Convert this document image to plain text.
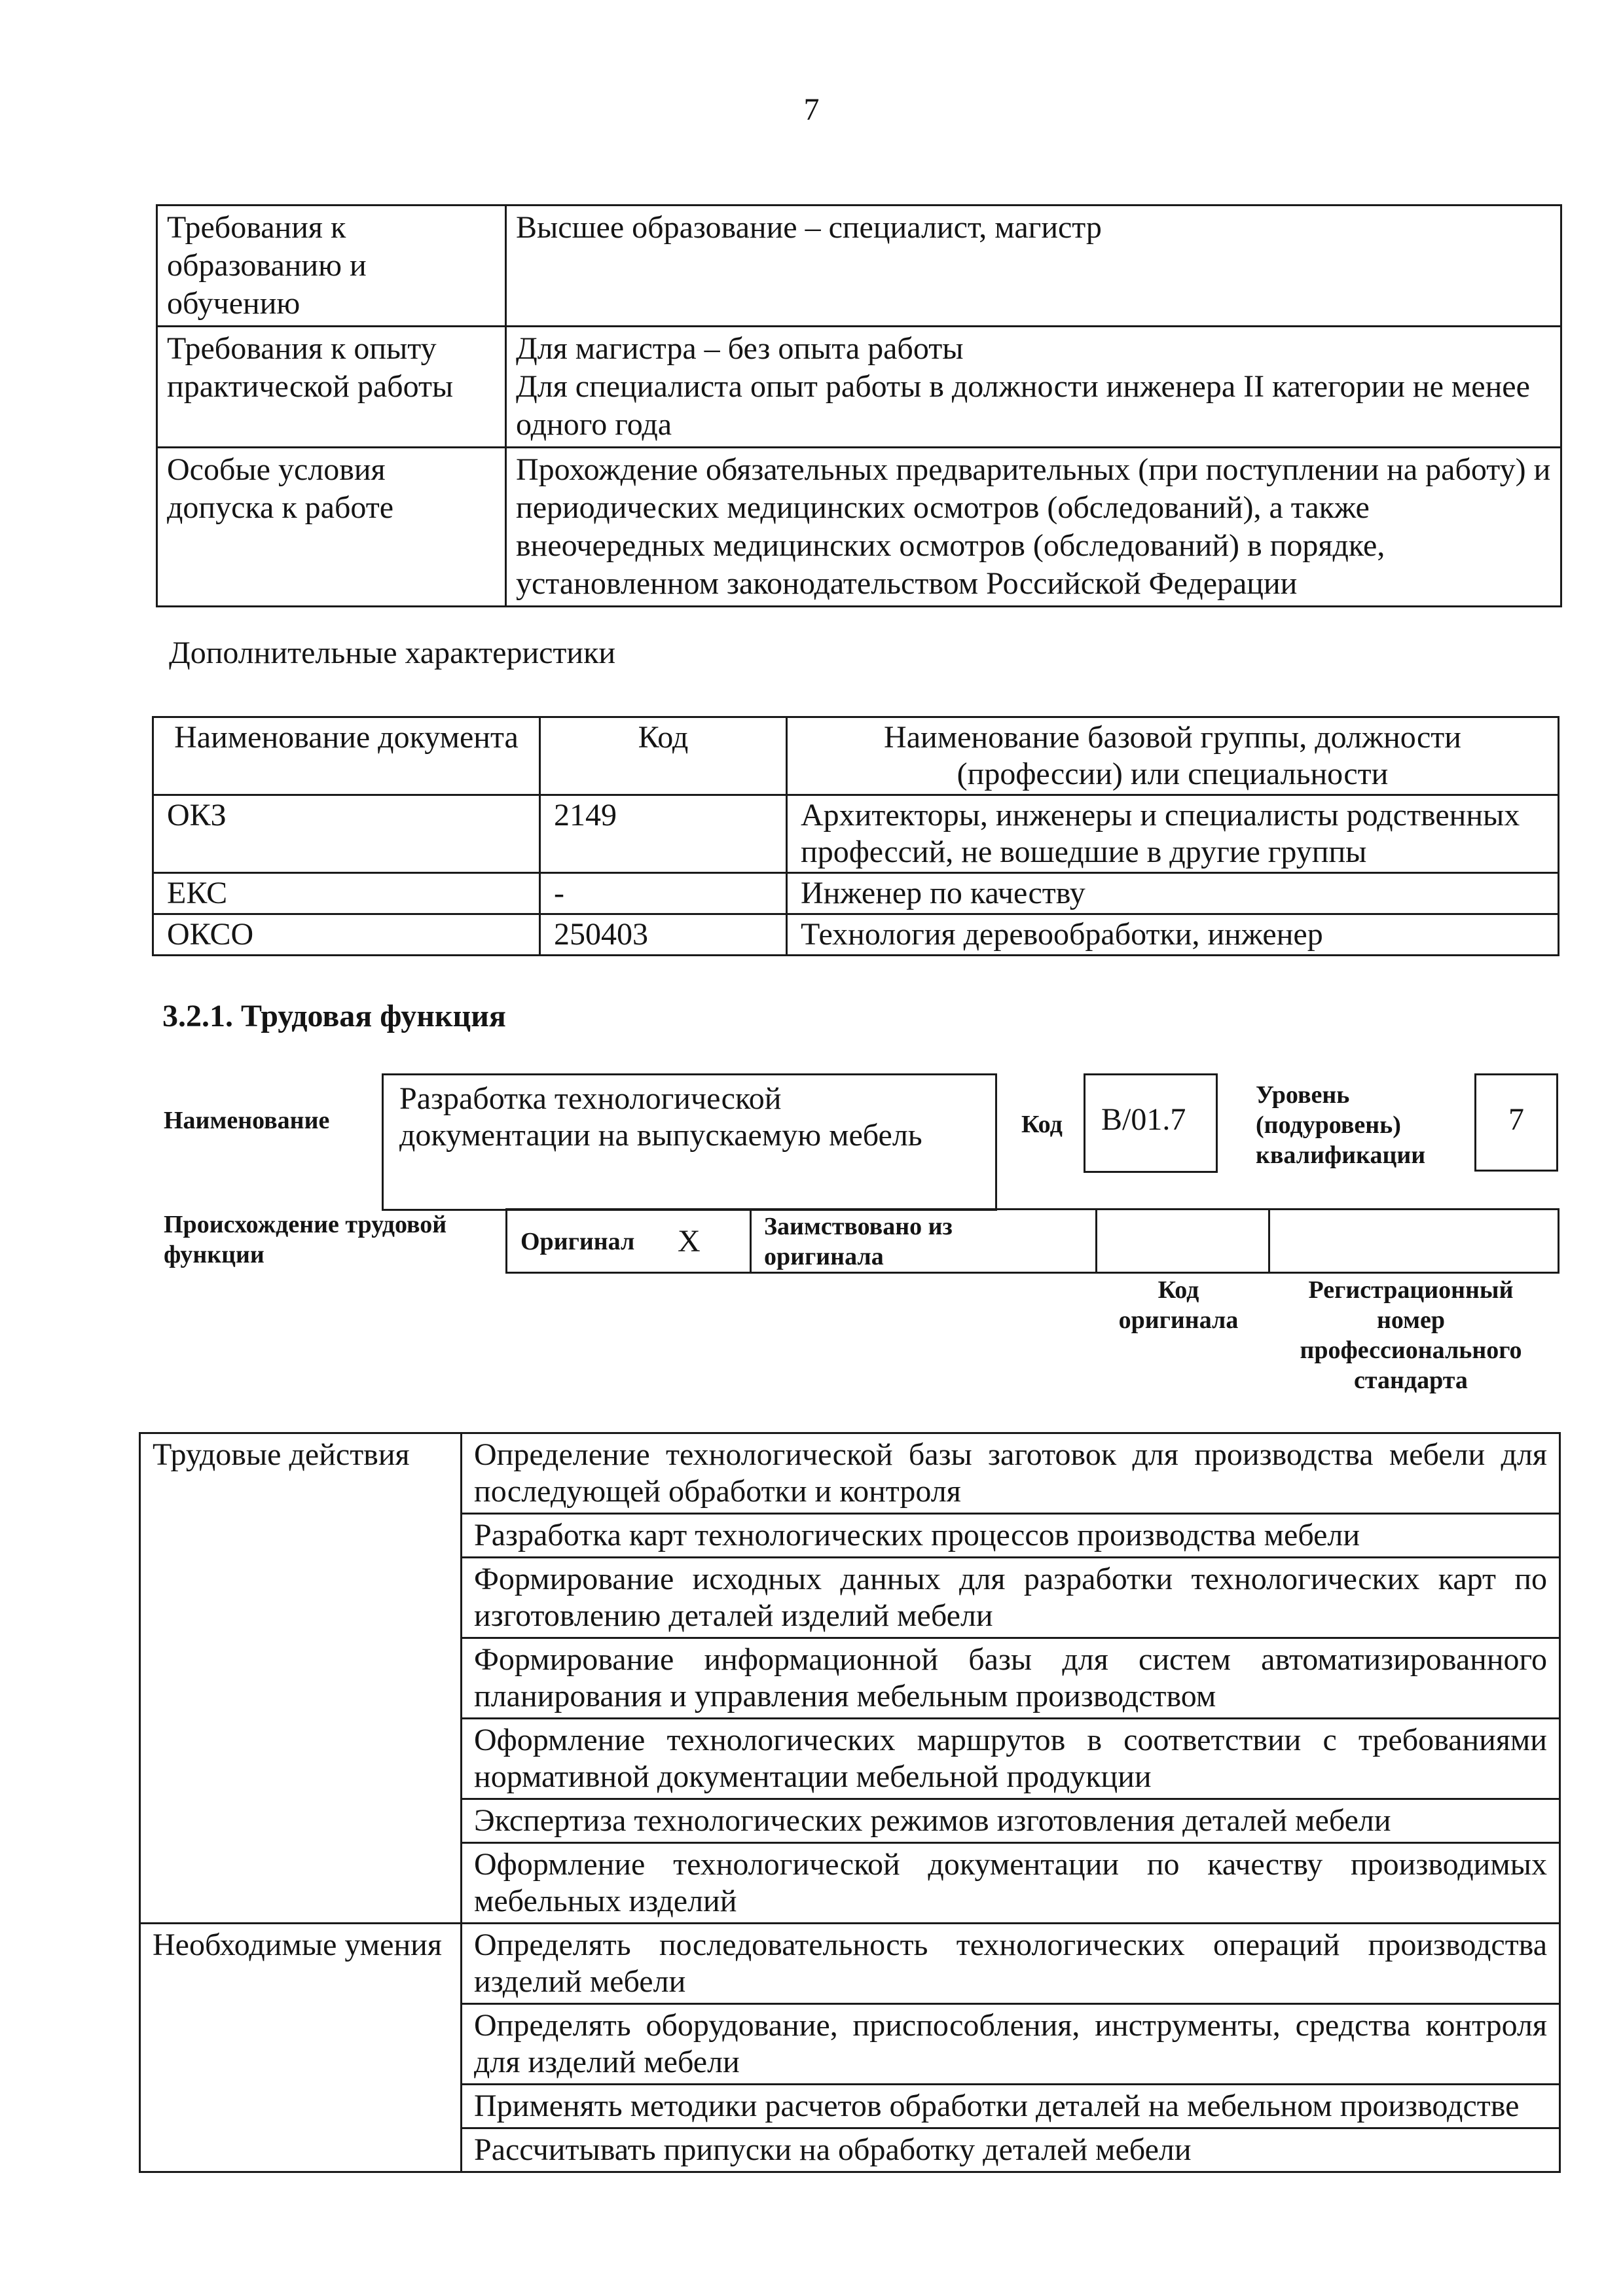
7
Требования к образованию и обучению	Высшее образование – специалист, магистр

Требования к опыту практической работы	Для магистра – без опыта работы
Для специалиста опыт работы в должности инженера II категории не менее одного года

Особые условия допуска к работе	Прохождение обязательных предварительных (при поступлении на работу) и периодических медицинских осмотров (обследований), а также внеочередных медицинских осмотров (обследований) в порядке, установленном законодательством Российской Федерации
Дополнительные характеристики
Наименование документа	Код	Наименование базовой группы, должности (профессии) или специальности
ОКЗ	2149	Архитекторы, инженеры и специалисты родственных профессий, не вошедшие в другие группы
ЕКС	-	Инженер по качеству
ОКСО	250403	Технология деревообработки, инженер
3.2.1. Трудовая функция
Наименование
Разработка технологической документации на выпускаемую мебель	Код	B/01.7
Уровень (подуровень) квалификации
7
Происхождение трудовой функции	Оригинал X	Заимствовано из оригинала
Код оригинала
Регистрационный номер профессионального стандарта
Трудовые действия	Определение технологической базы заготовок для производства мебели для последующей обработки и контроля
	Разработка карт технологических процессов производства мебели
	Формирование исходных данных для разработки технологических карт по изготовлению деталей изделий мебели
	Формирование информационной базы для систем автоматизированного планирования и управления мебельным производством
	Оформление технологических маршрутов в соответствии с требованиями нормативной документации мебельной продукции
	Экспертиза технологических режимов изготовления деталей мебели
	Оформление технологической документации по качеству производимых мебельных изделий
Необходимые умения	Определять последовательность технологических операций производства изделий мебели
	Определять оборудование, приспособления, инструменты, средства контроля для изделий мебели
	Применять методики расчетов обработки деталей на мебельном производстве
	Рассчитывать припуски на обработку деталей мебели
